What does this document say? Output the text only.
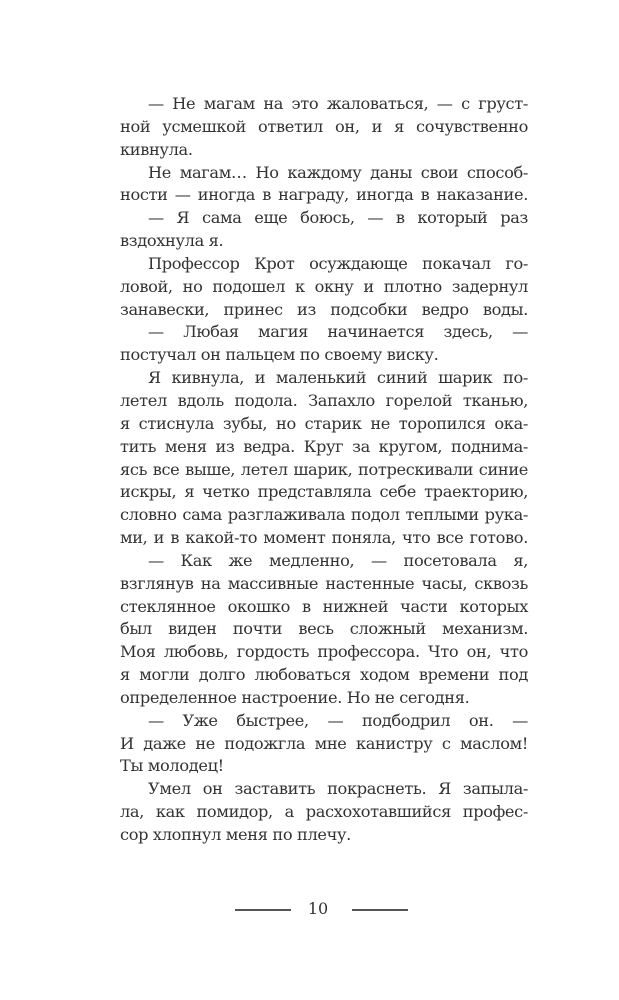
— Не магам на это жаловаться, — с груст-
ной усмешкой ответил он, и я сочувственно
кивнула.
Не магам… Но каждому даны свои способ-
ности — иногда в награду, иногда в наказание.
— Я сама еще боюсь, — в который раз
вздохнула я.
Профессор Крот осуждающе покачал го-
ловой, но подошел к окну и плотно задернул
занавески, принес из подсобки ведро воды.
— Любая магия начинается здесь, —
постучал он пальцем по своему виску.
Я кивнула, и маленький синий шарик по-
летел вдоль подола. Запахло горелой тканью,
я стиснула зубы, но старик не торопился ока-
тить меня из ведра. Круг за кругом, поднима-
ясь все выше, летел шарик, потрескивали синие
искры, я четко представляла себе траекторию,
словно сама разглаживала подол теплыми рука-
ми, и в какой-то момент поняла, что все готово.
— Как же медленно, — посетовала я,
взглянув на массивные настенные часы, сквозь
стеклянное окошко в нижней части которых
был виден почти весь сложный механизм.
Моя любовь, гордость профессора. Что он, что
я могли долго любоваться ходом времени под
определенное настроение. Но не сегодня.
— Уже быстрее, — подбодрил он. —
И даже не подожгла мне канистру с маслом!
Ты молодец!
Умел он заставить покраснеть. Я запыла-
ла, как помидор, а расхохотавшийся профес-
сор хлопнул меня по плечу.
10
